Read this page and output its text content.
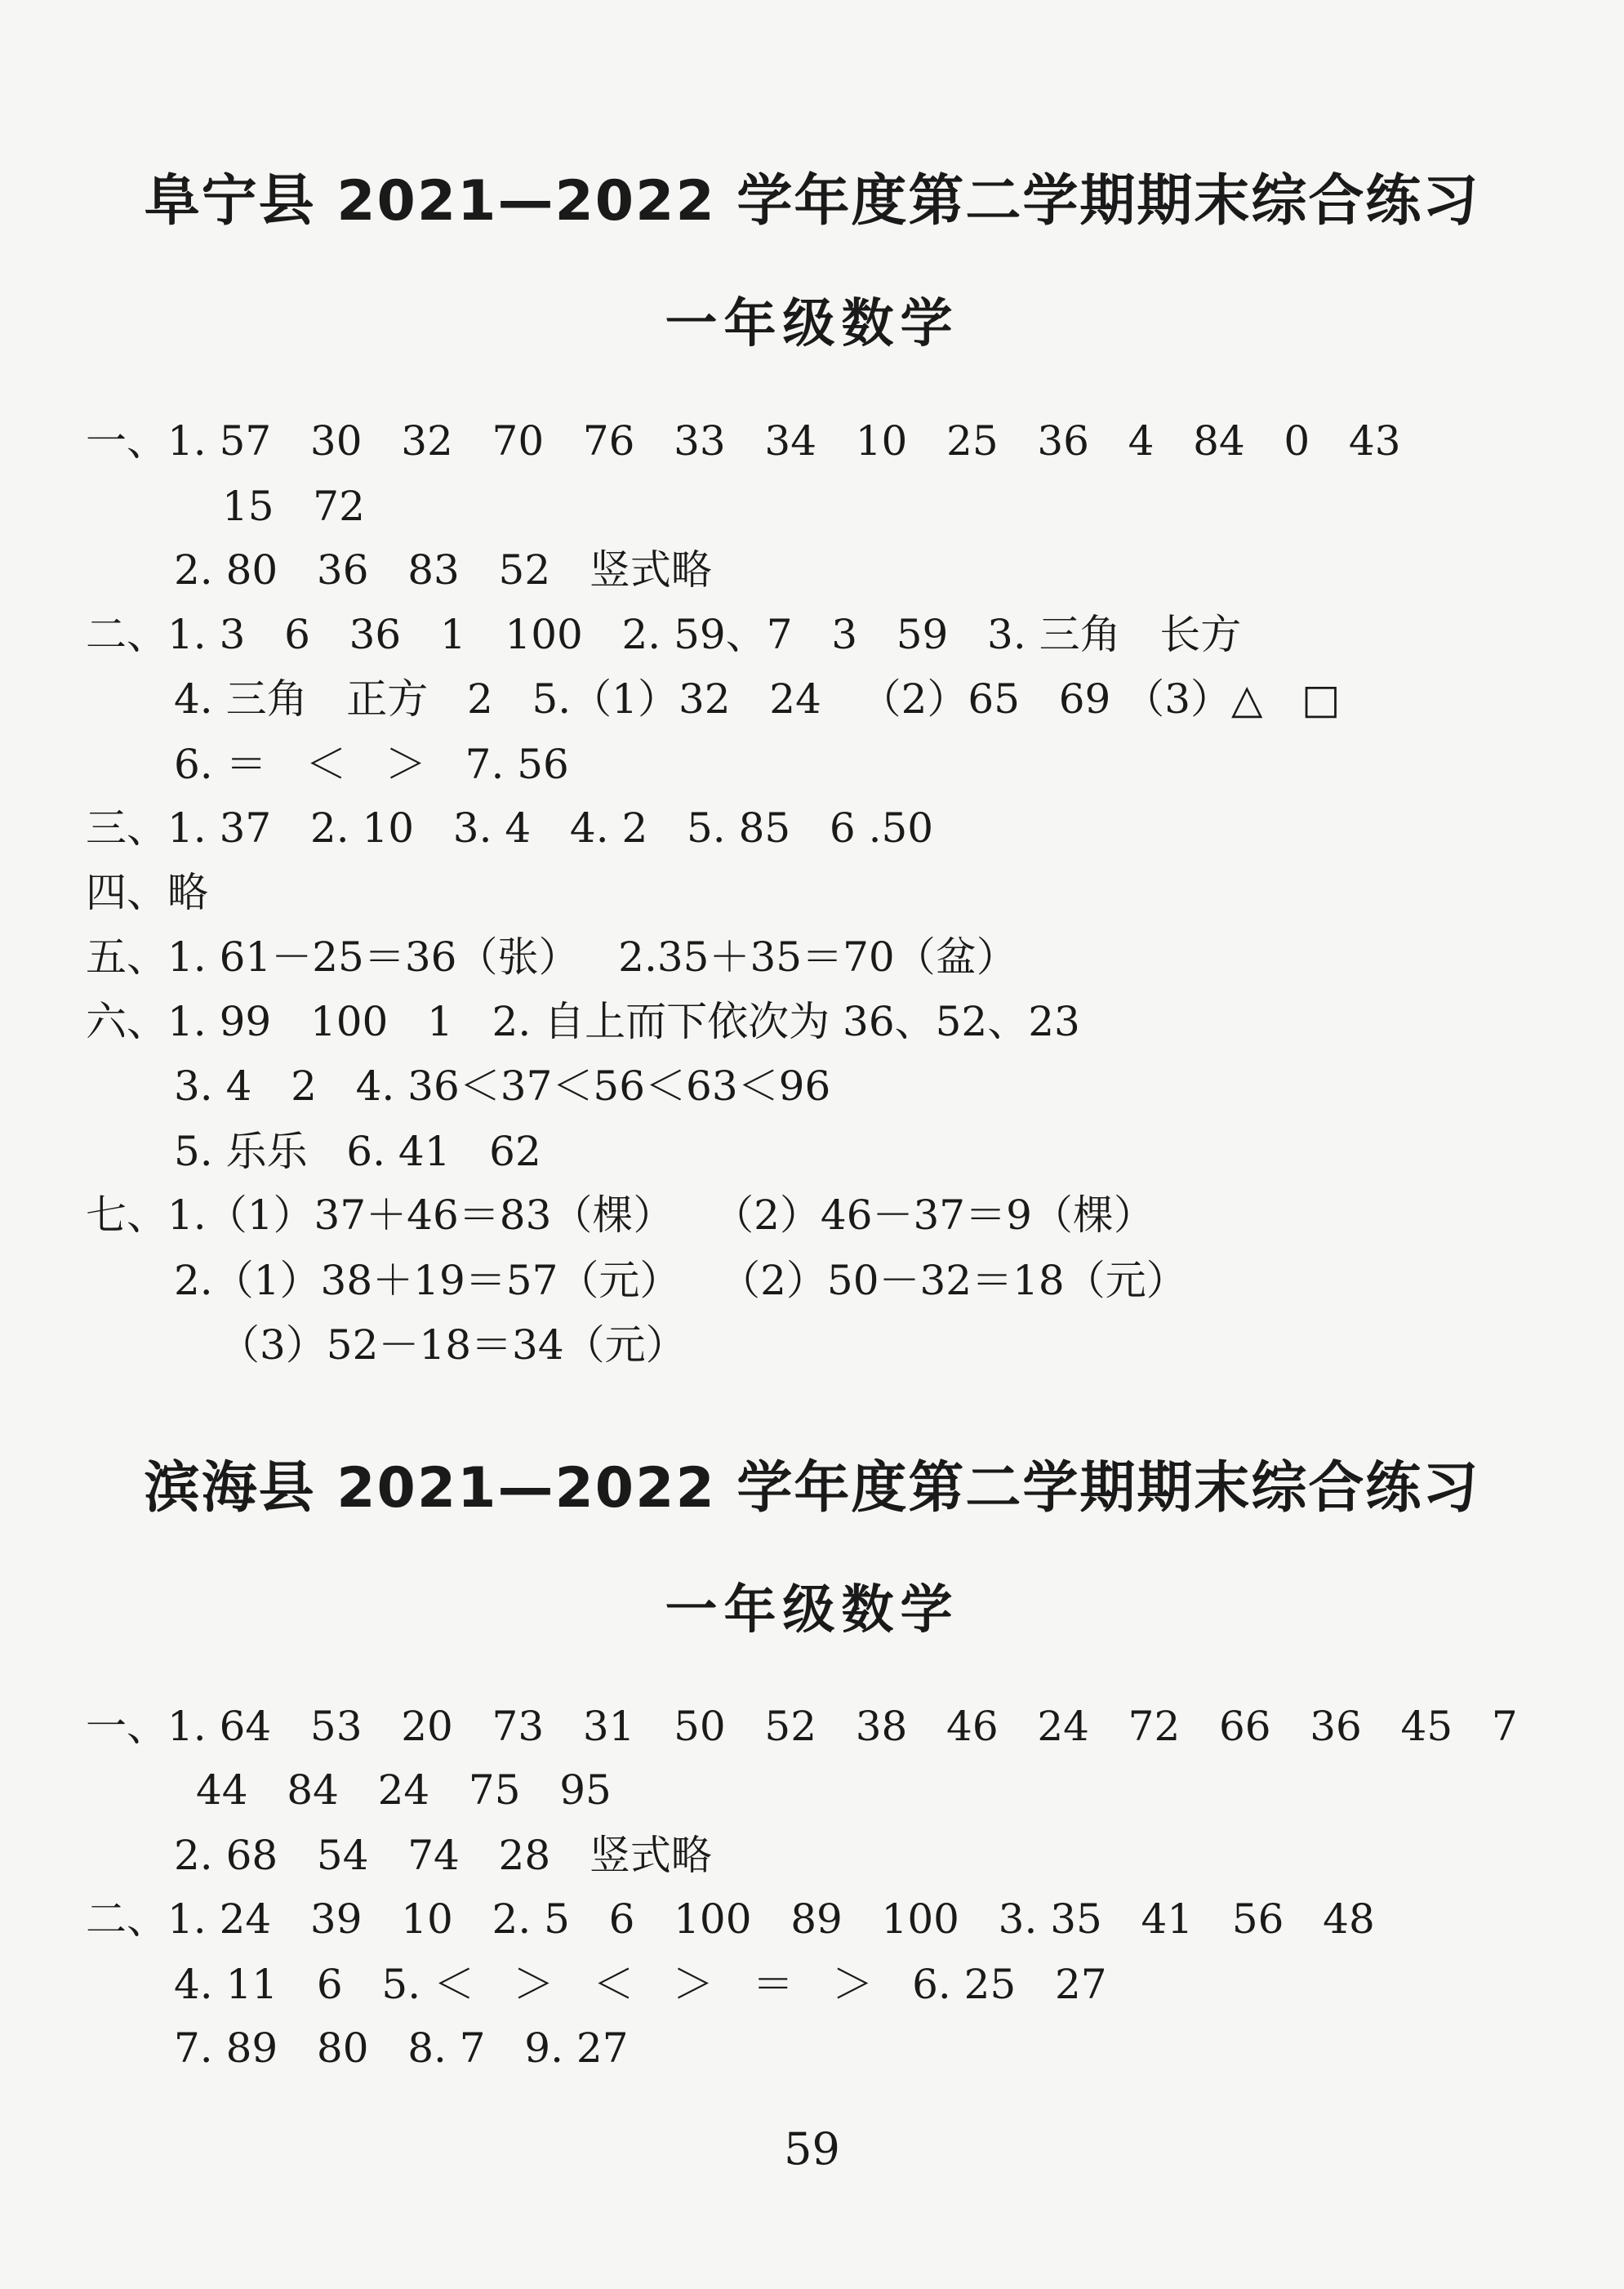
阜宁县 2021—2022 学年度第二学期期末综合练习
一年级数学
一、1. 57   30   32   70   76   33   34   10   25   36   4   84   0   43
15   72
2. 80   36   83   52   竖式略
二、1. 3   6   36   1   100   2. 59、7   3   59   3. 三角   长方
4. 三角   正方   2   5.（1）32   24   （2）65   69 （3）△   □
6. ＝   ＜   ＞   7. 56
三、1. 37   2. 10   3. 4   4. 2   5. 85   6 .50
四、略
五、1. 61－25＝36（张）   2.35＋35＝70（盆）
六、1. 99   100   1   2. 自上而下依次为 36、52、23
3. 4   2   4. 36＜37＜56＜63＜96
5. 乐乐   6. 41   62
七、1.（1）37＋46＝83（棵）   （2）46－37＝9（棵）
2.（1）38＋19＝57（元）   （2）50－32＝18（元）
（3）52－18＝34（元）
滨海县 2021—2022 学年度第二学期期末综合练习
一年级数学
一、1. 64   53   20   73   31   50   52   38   46   24   72   66   36   45   7
44   84   24   75   95
2. 68   54   74   28   竖式略
二、1. 24   39   10   2. 5   6   100   89   100   3. 35   41   56   48
4. 11   6   5. ＜   ＞   ＜   ＞   ＝   ＞   6. 25   27
7. 89   80   8. 7   9. 27
59
